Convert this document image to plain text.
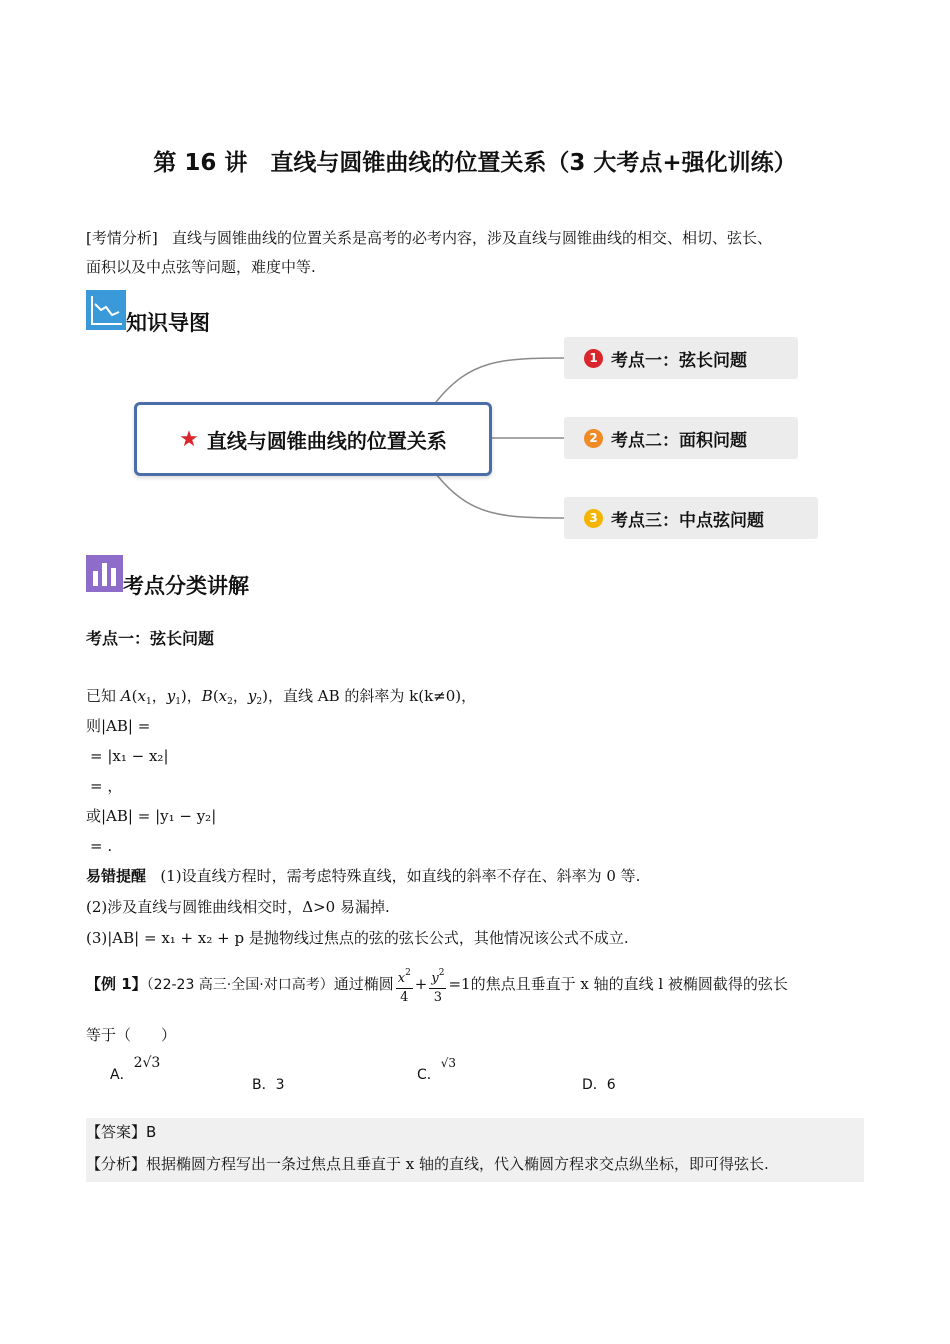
第 16 讲　直线与圆锥曲线的位置关系（3 大考点+强化训练）
[考情分析] 直线与圆锥曲线的位置关系是高考的必考内容，涉及直线与圆锥曲线的相交、相切、弦长、
面积以及中点弦等问题，难度中等.
知识导图
★ 直线与圆锥曲线的位置关系
1 考点一：弦长问题
2 考点二：面积问题
3 考点三：中点弦问题
考点分类讲解
考点一：弦长问题
已知 $A(x_1$，$y_1$)，$B(x_2$，$y_2$)，直线 AB 的斜率为 k(k≠0)，
则|AB| =
= |x₁ − x₂|
= ，
或|AB| = |y₁ − y₂|
= .
易错提醒 (1)设直线方程时，需考虑特殊直线，如直线的斜率不存在、斜率为 0 等.
(2)涉及直线与圆锥曲线相交时，Δ>0 易漏掉.
(3)|AB| = x₁ + x₂ + p 是抛物线过焦点的弦的弦长公式，其他情况该公式不成立.
【例 1】（22-23 高三·全国·对口高考）通过椭圆 $\frac{x^2}{4} + \frac{y^2}{3} =1$的焦点且垂直于 x 轴的直线 l 被椭圆截得的弦长
等于（　　）
A．2√3
B．3
C．√3
D．6
【答案】B
【分析】根据椭圆方程写出一条过焦点且垂直于 x 轴的直线，代入椭圆方程求交点纵坐标，即可得弦长.
